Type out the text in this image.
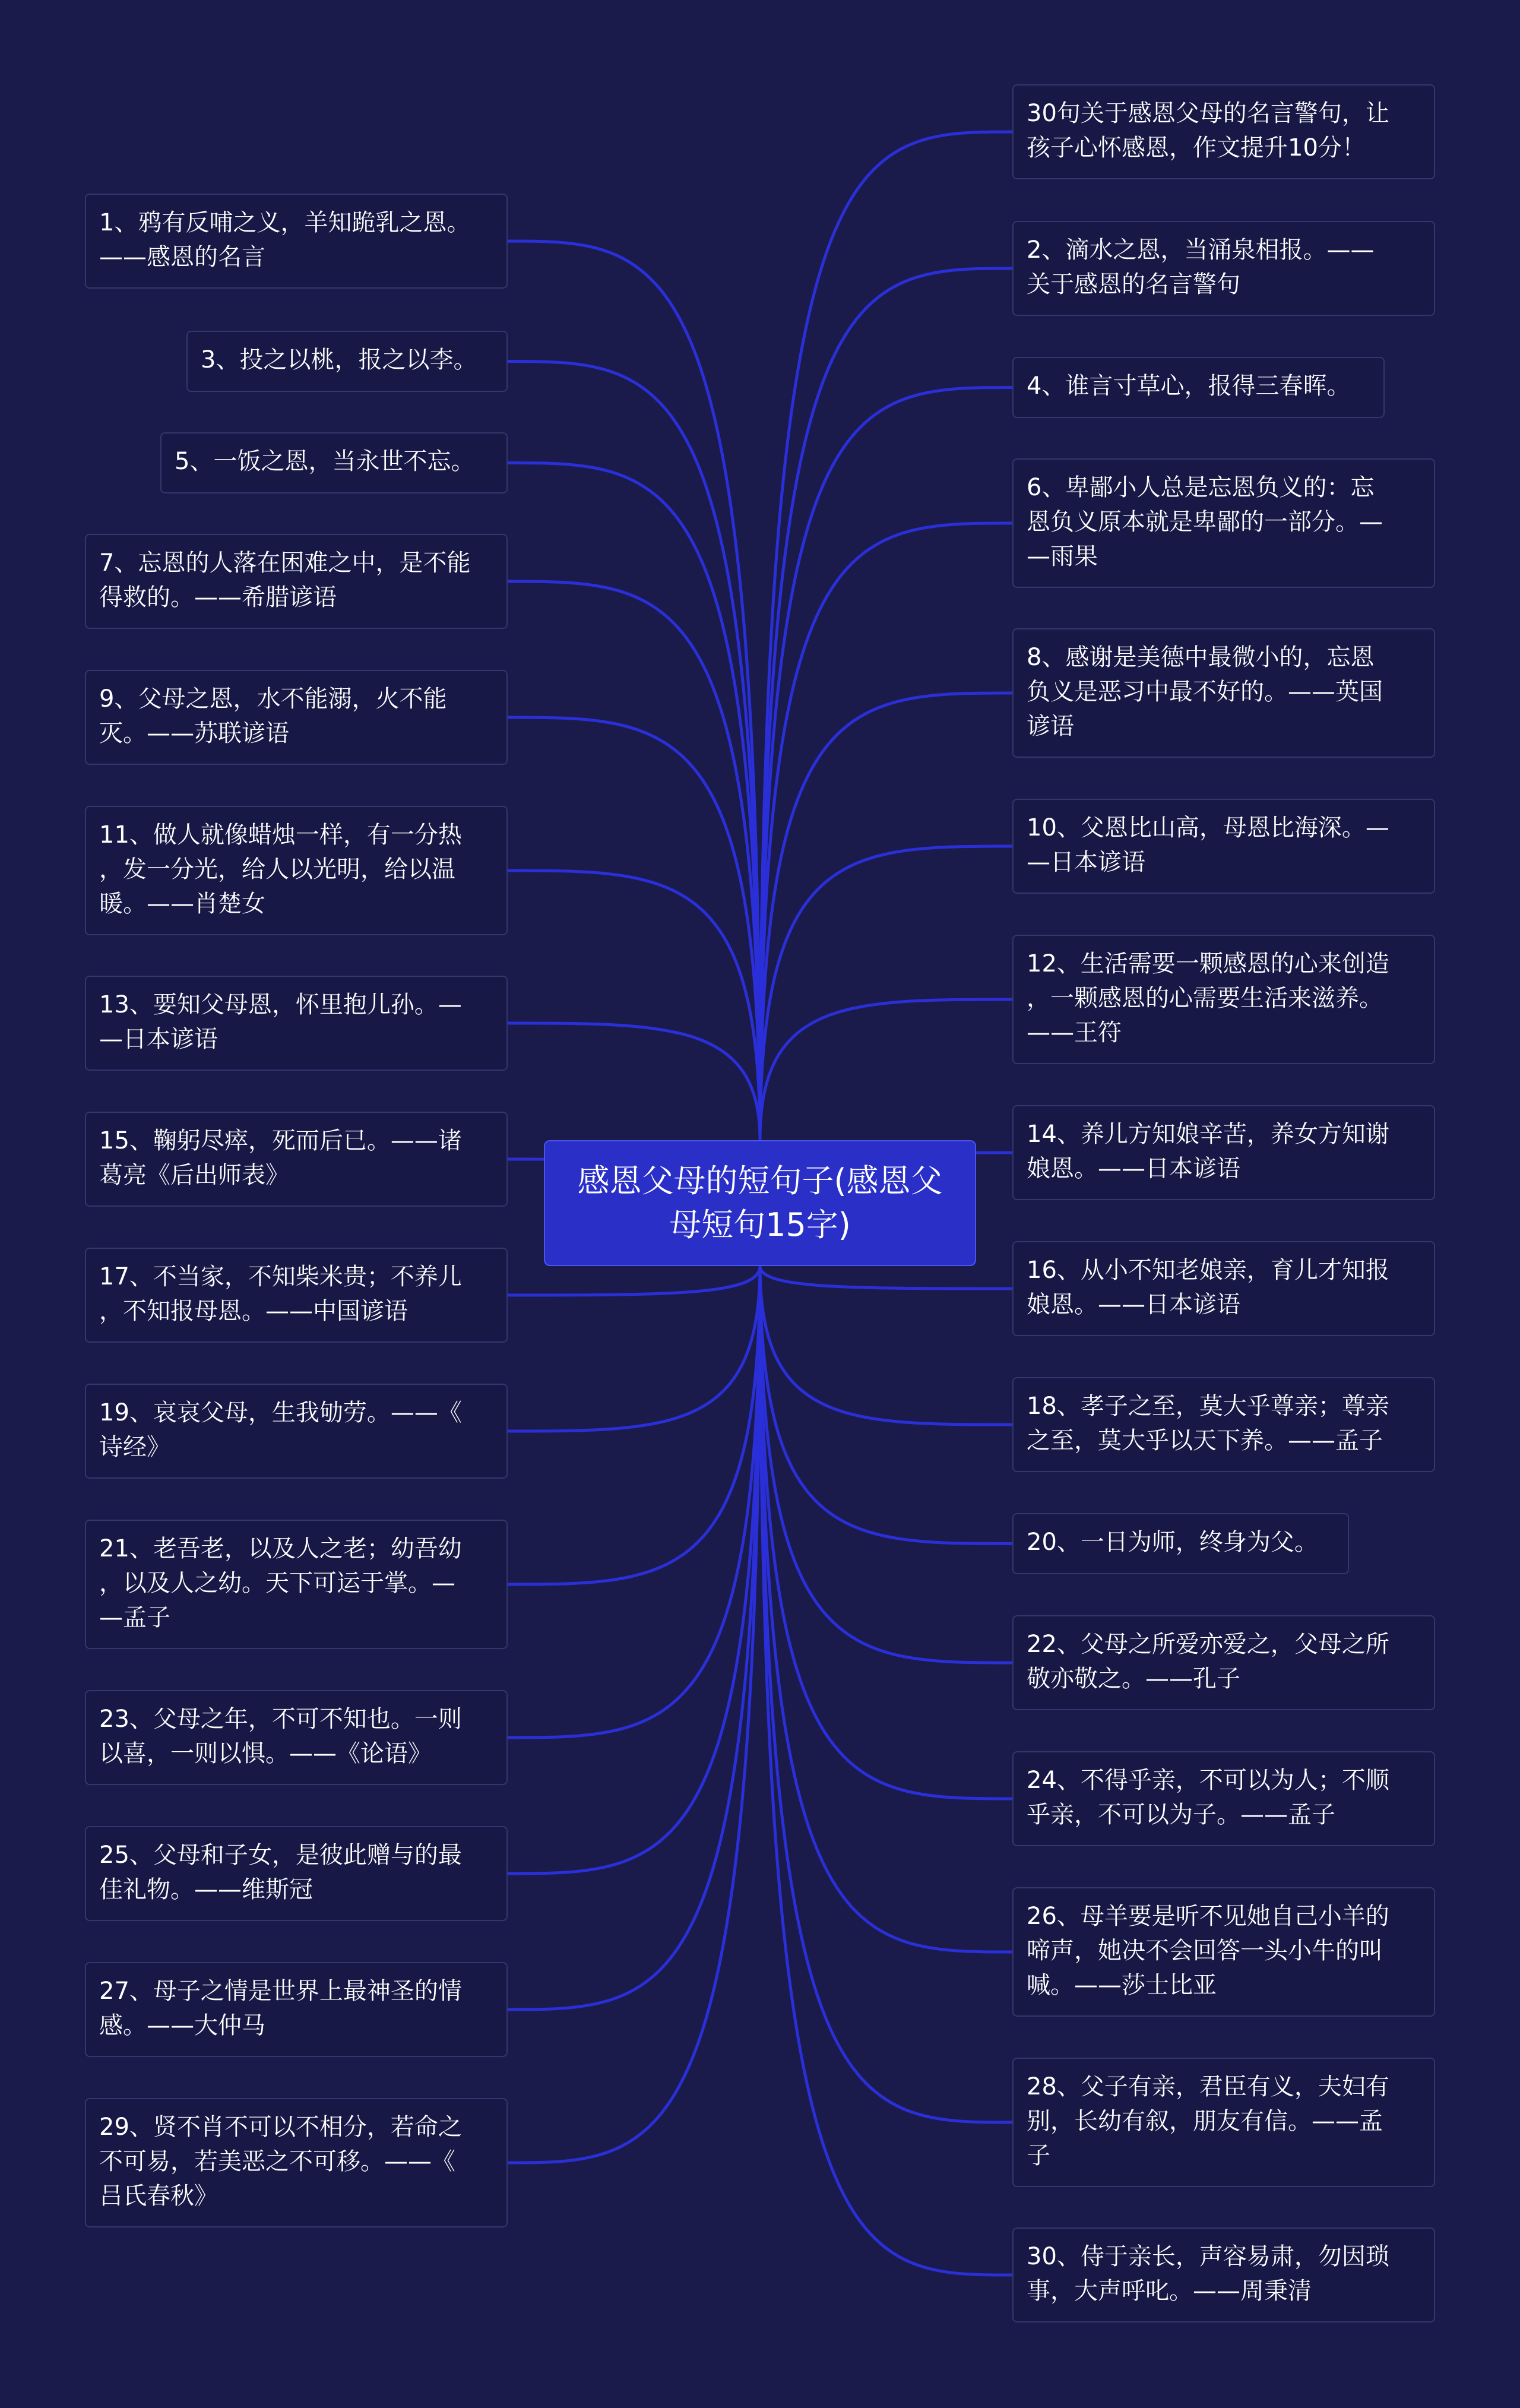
感恩父母的短句子(感恩父
母短句15字)
1、鸦有反哺之义，羊知跪乳之恩。
——感恩的名言
3、投之以桃，报之以李。
5、一饭之恩，当永世不忘。
7、忘恩的人落在困难之中，是不能
得救的。——希腊谚语
9、父母之恩，水不能溺，火不能
灭。——苏联谚语
11、做人就像蜡烛一样，有一分热
，发一分光，给人以光明，给以温
暖。——肖楚女
13、要知父母恩，怀里抱儿孙。—
—日本谚语
15、鞠躬尽瘁，死而后已。——诸
葛亮《后出师表》
17、不当家，不知柴米贵；不养儿
，不知报母恩。——中国谚语
19、哀哀父母，生我劬劳。——《
诗经》
21、老吾老，以及人之老；幼吾幼
，以及人之幼。天下可运于掌。—
—孟子
23、父母之年，不可不知也。一则
以喜，一则以惧。——《论语》
25、父母和子女，是彼此赠与的最
佳礼物。——维斯冠
27、母子之情是世界上最神圣的情
感。——大仲马
29、贤不肖不可以不相分，若命之
不可易，若美恶之不可移。——《
吕氏春秋》
30句关于感恩父母的名言警句，让
孩子心怀感恩，作文提升10分！
2、滴水之恩，当涌泉相报。——
关于感恩的名言警句
4、谁言寸草心，报得三春晖。
6、卑鄙小人总是忘恩负义的：忘
恩负义原本就是卑鄙的一部分。—
—雨果
8、感谢是美德中最微小的，忘恩
负义是恶习中最不好的。——英国
谚语
10、父恩比山高，母恩比海深。—
—日本谚语
12、生活需要一颗感恩的心来创造
，一颗感恩的心需要生活来滋养。
——王符
14、养儿方知娘辛苦，养女方知谢
娘恩。——日本谚语
16、从小不知老娘亲，育儿才知报
娘恩。——日本谚语
18、孝子之至，莫大乎尊亲；尊亲
之至，莫大乎以天下养。——孟子
20、一日为师，终身为父。
22、父母之所爱亦爱之，父母之所
敬亦敬之。——孔子
24、不得乎亲，不可以为人；不顺
乎亲，不可以为子。——孟子
26、母羊要是听不见她自己小羊的
啼声，她决不会回答一头小牛的叫
喊。——莎士比亚
28、父子有亲，君臣有义，夫妇有
别，长幼有叙，朋友有信。——孟
子
30、侍于亲长，声容易肃，勿因琐
事，大声呼叱。——周秉清
